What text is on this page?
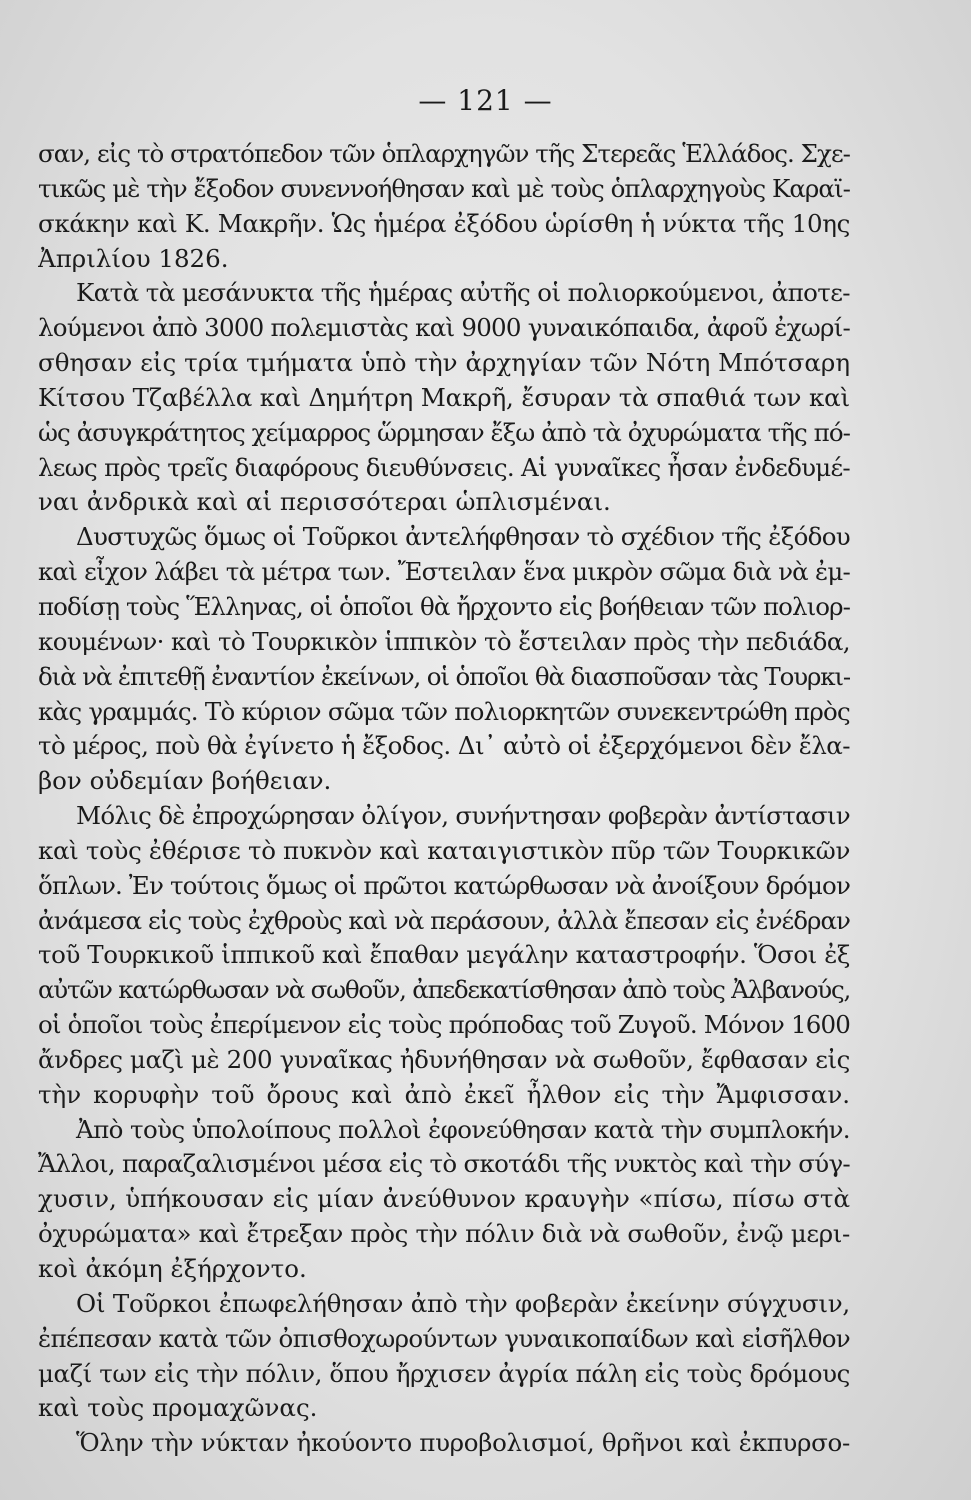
— 121 —
σαν, εἰς τὸ στρατόπεδον τῶν ὁπλαρχηγῶν τῆς Στερεᾶς Ἑλλάδος. Σχε-
τικῶς μὲ τὴν ἔξοδον συνεννοήθησαν καὶ μὲ τοὺς ὁπλαρχηγοὺς Καραϊ-
σκάκην καὶ Κ. Μακρῆν. Ὡς ἡμέρα ἐξόδου ὡρίσθη ἡ νύκτα τῆς 10ης
Ἀπριλίου 1826.
Κατὰ τὰ μεσάνυκτα τῆς ἡμέρας αὐτῆς οἱ πολιορκούμενοι, ἀποτε-
λούμενοι ἀπὸ 3000 πολεμιστὰς καὶ 9000 γυναικόπαιδα, ἀφοῦ ἐχωρί-
σθησαν εἰς τρία τμήματα ὑπὸ τὴν ἀρχηγίαν τῶν Νότη Μπότσαρη
Κίτσου Τζαβέλλα καὶ Δημήτρη Μακρῆ, ἔσυραν τὰ σπαθιά των καὶ
ὡς ἀσυγκράτητος χείμαρρος ὥρμησαν ἔξω ἀπὸ τὰ ὀχυρώματα τῆς πό-
λεως πρὸς τρεῖς διαφόρους διευθύνσεις. Αἱ γυναῖκες ἦσαν ἐνδεδυμέ-
ναι ἀνδρικὰ καὶ αἱ περισσότεραι ὡπλισμέναι.
Δυστυχῶς ὅμως οἱ Τοῦρκοι ἀντελήφθησαν τὸ σχέδιον τῆς ἐξόδου
καὶ εἶχον λάβει τὰ μέτρα των. Ἔστειλαν ἕνα μικρὸν σῶμα διὰ νὰ ἐμ-
ποδίσῃ τοὺς Ἕλληνας, οἱ ὁποῖοι θὰ ἤρχοντο εἰς βοήθειαν τῶν πολιορ-
κουμένων· καὶ τὸ Τουρκικὸν ἱππικὸν τὸ ἔστειλαν πρὸς τὴν πεδιάδα,
διὰ νὰ ἐπιτεθῇ ἐναντίον ἐκείνων, οἱ ὁποῖοι θὰ διασποῦσαν τὰς Τουρκι-
κὰς γραμμάς. Τὸ κύριον σῶμα τῶν πολιορκητῶν συνεκεντρώθη πρὸς
τὸ μέρος, ποὺ θὰ ἐγίνετο ἡ ἔξοδος. Δι᾽ αὐτὸ οἱ ἐξερχόμενοι δὲν ἔλα-
βον οὐδεμίαν βοήθειαν.
Μόλις δὲ ἐπροχώρησαν ὀλίγον, συνήντησαν φοβερὰν ἀντίστασιν
καὶ τοὺς ἐθέρισε τὸ πυκνὸν καὶ καταιγιστικὸν πῦρ τῶν Τουρκικῶν
ὅπλων. Ἐν τούτοις ὅμως οἱ πρῶτοι κατώρθωσαν νὰ ἀνοίξουν δρόμον
ἀνάμεσα εἰς τοὺς ἐχθροὺς καὶ νὰ περάσουν, ἀλλὰ ἔπεσαν εἰς ἐνέδραν
τοῦ Τουρκικοῦ ἱππικοῦ καὶ ἔπαθαν μεγάλην καταστροφήν. Ὅσοι ἐξ
αὐτῶν κατώρθωσαν νὰ σωθοῦν, ἀπεδεκατίσθησαν ἀπὸ τοὺς Ἀλβανούς,
οἱ ὁποῖοι τοὺς ἐπερίμενον εἰς τοὺς πρόποδας τοῦ Ζυγοῦ. Μόνον 1600
ἄνδρες μαζὶ μὲ 200 γυναῖκας ἠδυνήθησαν νὰ σωθοῦν, ἔφθασαν εἰς
τὴν κορυφὴν τοῦ ὄρους καὶ ἀπὸ ἐκεῖ ἦλθον εἰς τὴν Ἄμφισσαν.
Ἀπὸ τοὺς ὑπολοίπους πολλοὶ ἐφονεύθησαν κατὰ τὴν συμπλοκήν.
Ἄλλοι, παραζαλισμένοι μέσα εἰς τὸ σκοτάδι τῆς νυκτὸς καὶ τὴν σύγ-
χυσιν, ὑπήκουσαν εἰς μίαν ἀνεύθυνον κραυγὴν «πίσω, πίσω στὰ
ὀχυρώματα» καὶ ἔτρεξαν πρὸς τὴν πόλιν διὰ νὰ σωθοῦν, ἐνῷ μερι-
κοὶ ἀκόμη ἐξήρχοντο.
Οἱ Τοῦρκοι ἐπωφελήθησαν ἀπὸ τὴν φοβερὰν ἐκείνην σύγχυσιν,
ἐπέπεσαν κατὰ τῶν ὀπισθοχωρούντων γυναικοπαίδων καὶ εἰσῆλθον
μαζί των εἰς τὴν πόλιν, ὅπου ἤρχισεν ἀγρία πάλη εἰς τοὺς δρόμους
καὶ τοὺς προμαχῶνας.
Ὅλην τὴν νύκταν ἠκούοντο πυροβολισμοί, θρῆνοι καὶ ἐκπυρσο-
